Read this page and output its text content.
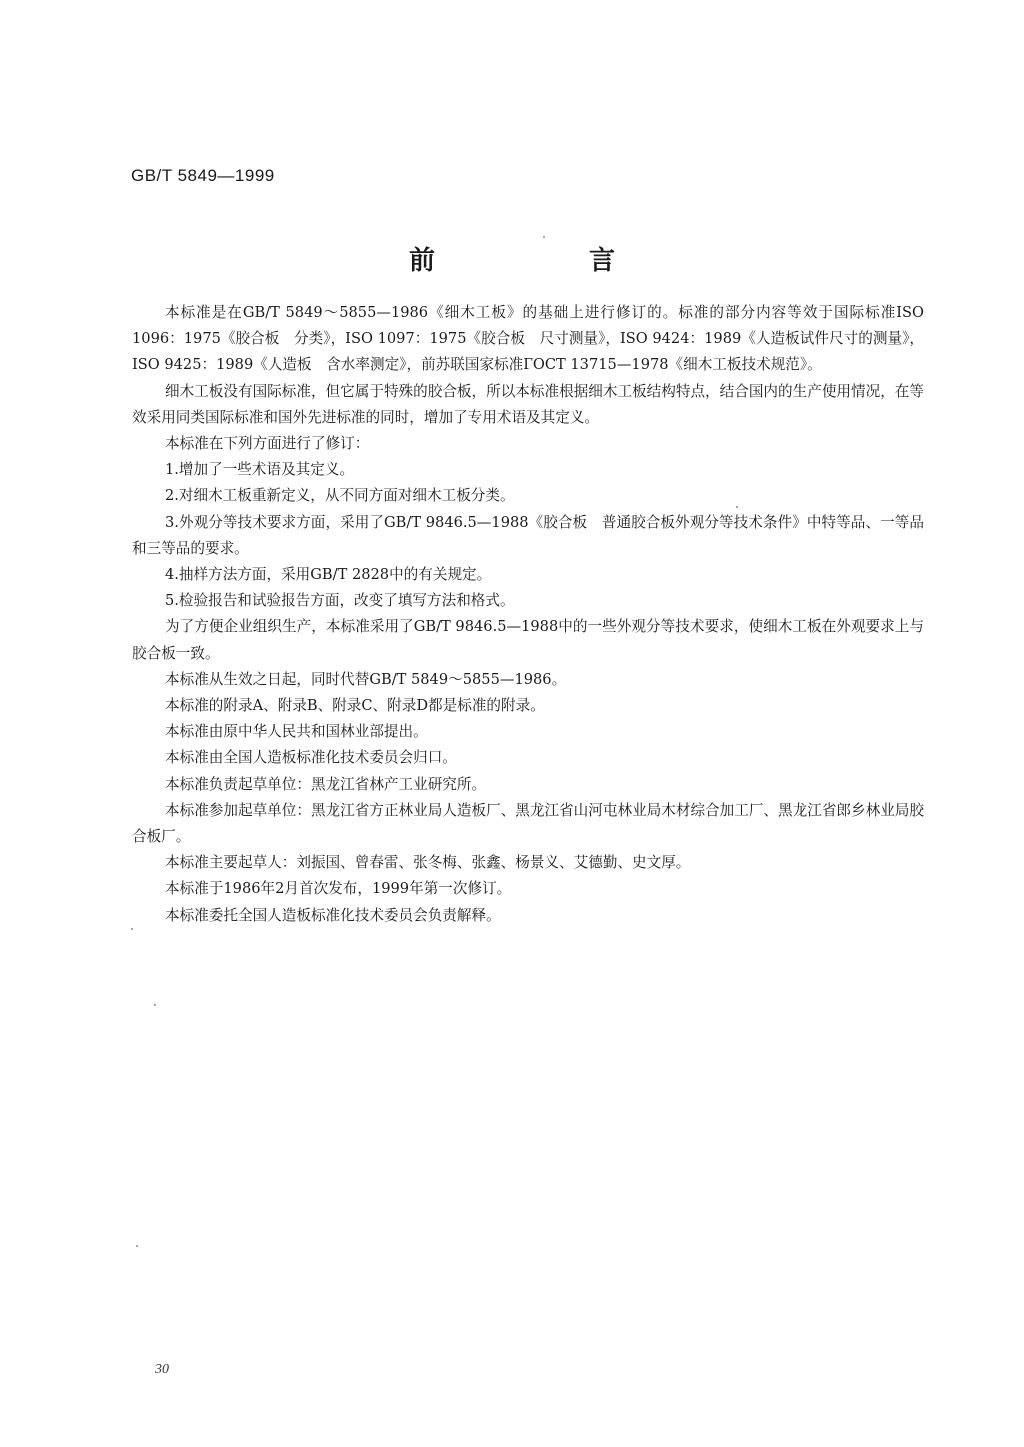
GB/T 5849—1999
前　言

本标准是在GB/T 5849～5855—1986《细木工板》的基础上进行修订的。标准的部分内容等效于国际标准ISO 1096：1975《胶合板　分类》，ISO 1097：1975《胶合板　尺寸测量》，ISO 9424：1989《人造板试件尺寸的测量》，ISO 9425：1989《人造板　含水率测定》，前苏联国家标准ГОСТ 13715—1978《细木工板技术规范》。

细木工板没有国际标准，但它属于特殊的胶合板，所以本标准根据细木工板结构特点，结合国内的生产使用情况，在等效采用同类国际标准和国外先进标准的同时，增加了专用术语及其定义。

本标准在下列方面进行了修订：

1.增加了一些术语及其定义。

2.对细木工板重新定义，从不同方面对细木工板分类。

3.外观分等技术要求方面，采用了GB/T 9846.5—1988《胶合板　普通胶合板外观分等技术条件》中特等品、一等品和三等品的要求。

4.抽样方法方面，采用GB/T 2828中的有关规定。

5.检验报告和试验报告方面，改变了填写方法和格式。

为了方便企业组织生产，本标准采用了GB/T 9846.5—1988中的一些外观分等技术要求，使细木工板在外观要求上与胶合板一致。

本标准从生效之日起，同时代替GB/T 5849～5855—1986。

本标准的附录A、附录B、附录C、附录D都是标准的附录。

本标准由原中华人民共和国林业部提出。

本标准由全国人造板标准化技术委员会归口。

本标准负责起草单位：黑龙江省林产工业研究所。

本标准参加起草单位：黑龙江省方正林业局人造板厂、黑龙江省山河屯林业局木材综合加工厂、黑龙江省郎乡林业局胶合板厂。

本标准主要起草人：刘振国、曾春雷、张冬梅、张鑫、杨景义、艾德勤、史文厚。

本标准于1986年2月首次发布，1999年第一次修订。

本标准委托全国人造板标准化技术委员会负责解释。

30
